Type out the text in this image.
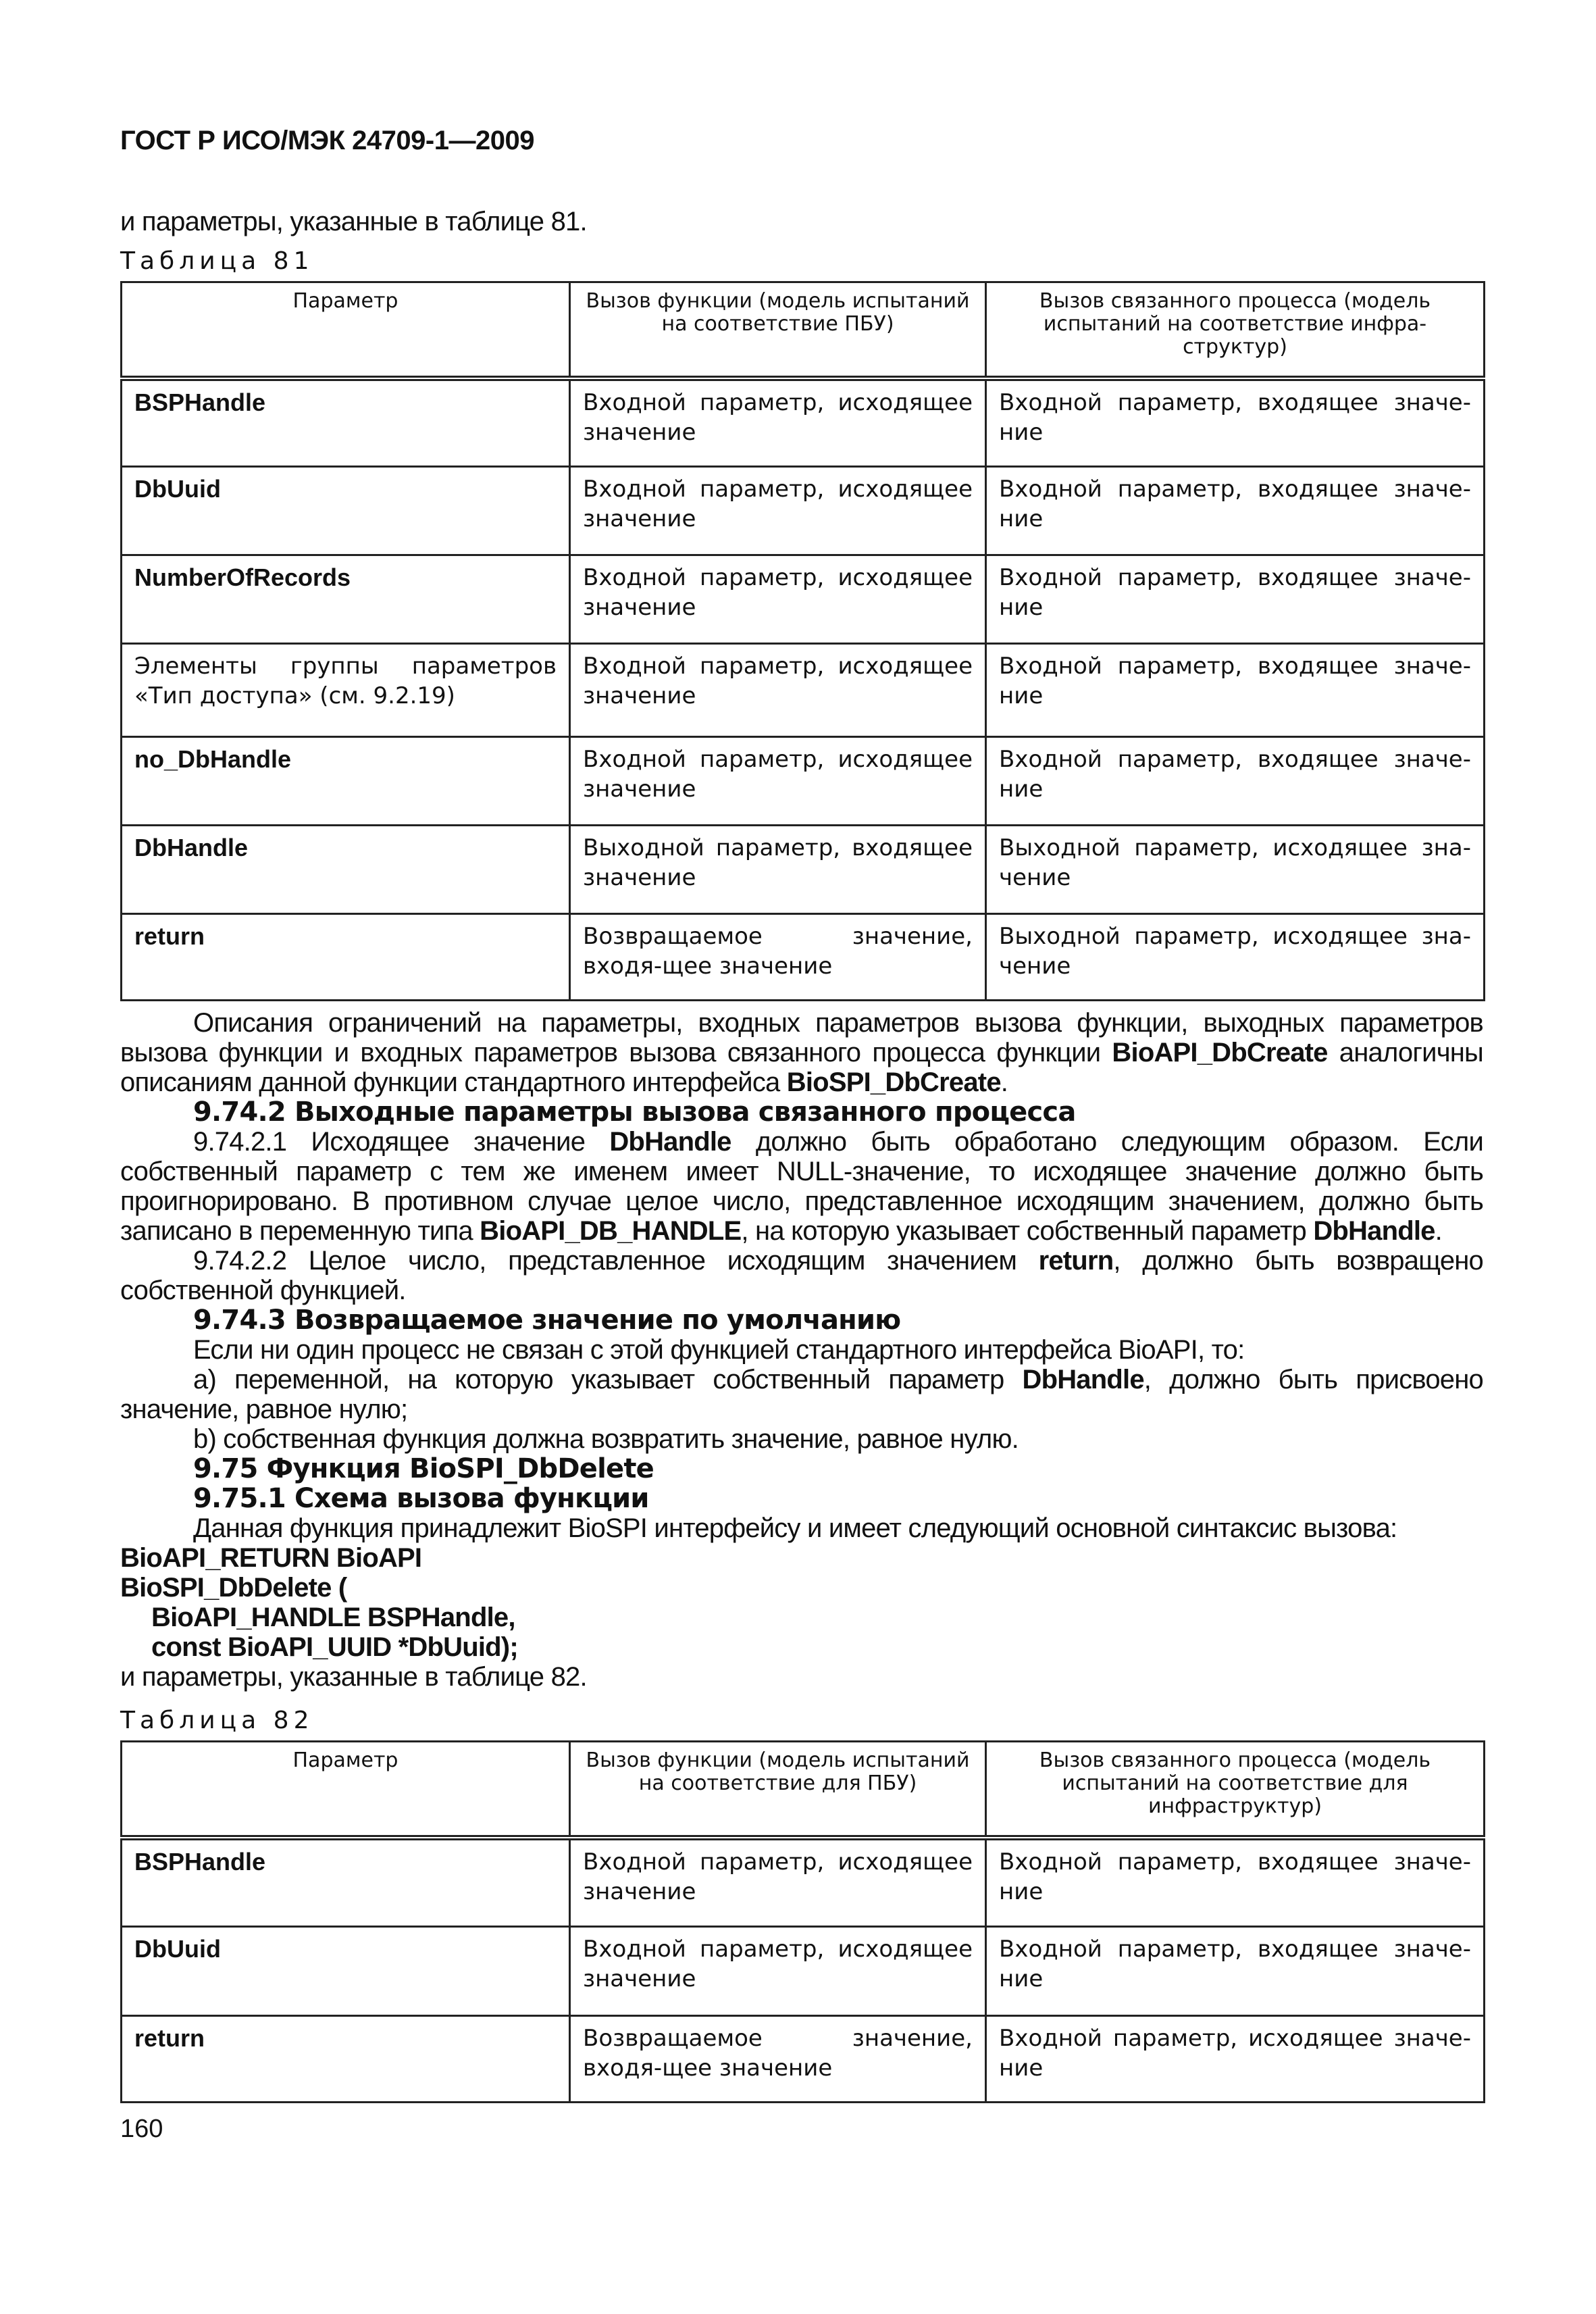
ГОСТ Р ИСО/МЭК 24709-1—2009
и параметры, указанные в таблице 81.
Таблица 81
Параметр	Вызов функции (модель испытаний на соответствие ПБУ)	Вызов связанного процесса (модель испытаний на соответствие инфра-структур)
BSPHandle	Входной параметр, исходящее значение	Входной параметр, входящее значе-ние
DbUuid	Входной параметр, исходящее значение	Входной параметр, входящее значе-ние
NumberOfRecords	Входной параметр, исходящее значение	Входной параметр, входящее значе-ние
Элементы группы параметров «Тип доступа» (см. 9.2.19)	Входной параметр, исходящее значение	Входной параметр, входящее значе-ние
no_DbHandle	Входной параметр, исходящее значение	Входной параметр, входящее значе-ние
DbHandle	Выходной параметр, входящее значение	Выходной параметр, исходящее зна-чение
return	Возвращаемое значение, входя-щее значение	Выходной параметр, исходящее зна-чение
Описания ограничений на параметры, входных параметров вызова функции, выходных параметров вызова функции и входных параметров вызова связанного процесса функции BioAPI_DbCreate аналогичны описаниям данной функции стандартного интерфейса BioSPI_DbCreate.
9.74.2 Выходные параметры вызова связанного процесса
9.74.2.1 Исходящее значение DbHandle должно быть обработано следующим образом. Если собственный параметр с тем же именем имеет NULL-значение, то исходящее значение должно быть проигнорировано. В противном случае целое число, представленное исходящим значением, должно быть записано в переменную типа BioAPI_DB_HANDLE, на которую указывает собственный параметр DbHandle.
9.74.2.2 Целое число, представленное исходящим значением return, должно быть возвращено собственной функцией.
9.74.3 Возвращаемое значение по умолчанию
Если ни один процесс не связан с этой функцией стандартного интерфейса BioAPI, то:
а) переменной, на которую указывает собственный параметр DbHandle, должно быть присвоено значение, равное нулю;
b) собственная функция должна возвратить значение, равное нулю.
9.75 Функция BioSPI_DbDelete
9.75.1 Схема вызова функции
Данная функция принадлежит BioSPI интерфейсу и имеет следующий основной синтаксис вызова:
BioAPI_RETURN BioAPI
BioSPI_DbDelete (
BioAPI_HANDLE BSPHandle,
const BioAPI_UUID *DbUuid);
и параметры, указанные в таблице 82.
Таблица 82
Параметр	Вызов функции (модель испытаний на соответствие для ПБУ)	Вызов связанного процесса (модель испытаний на соответствие для инфраструктур)
BSPHandle	Входной параметр, исходящее значение	Входной параметр, входящее значе-ние
DbUuid	Входной параметр, исходящее значение	Входной параметр, входящее значе-ние
return	Возвращаемое значение, входя-щее значение	Входной параметр, исходящее значе-ние
160
